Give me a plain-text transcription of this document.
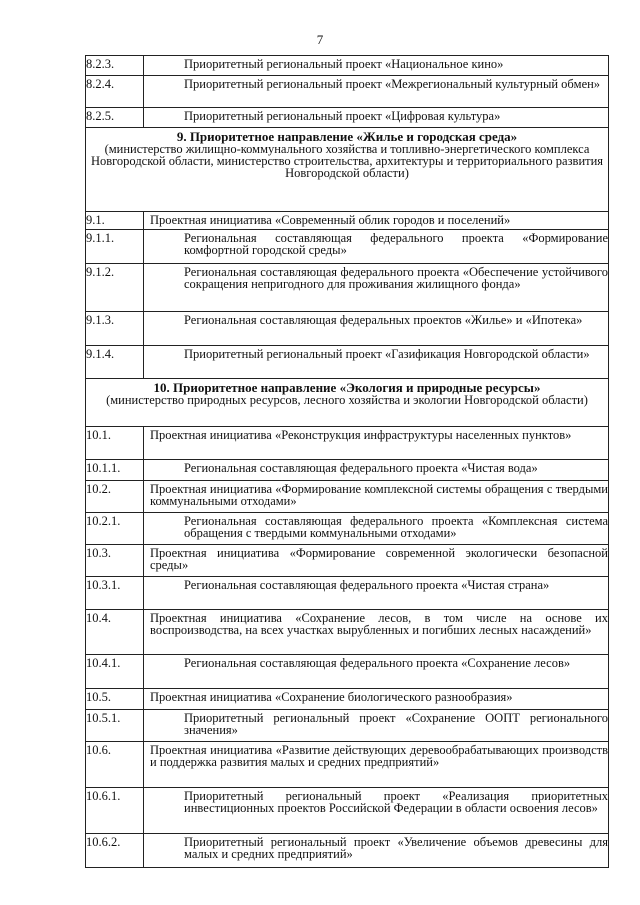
7
8.2.3.	Приоритетный региональный проект «Национальное кино»
8.2.4.	Приоритетный региональный проект «Межрегиональный культурный обмен»
8.2.5.	Приоритетный региональный проект «Цифровая культура»

9. Приоритетное направление «Жилье и городская среда»
(министерство жилищно-коммунального хозяйства и топливно-энергетического комплекса Новгородской области, министерство строительства, архитектуры и территориального развития Новгородской области)	

9.1.	Проектная инициатива «Современный облик городов и поселений»
9.1.1.	Региональная составляющая федерального проекта «Формирование комфортной городской среды»
9.1.2.	Региональная составляющая федерального проекта «Обеспечение устойчивого сокращения непригодного для проживания жилищного фонда»
9.1.3.	Региональная составляющая федеральных проектов «Жилье» и «Ипотека»
9.1.4.	Приоритетный региональный проект «Газификация Новгородской области»

10. Приоритетное направление «Экология и природные ресурсы»
(министерство природных ресурсов, лесного хозяйства и экологии Новгородской области)	

10.1.	Проектная инициатива «Реконструкция инфраструктуры населенных пунктов»
10.1.1.	Региональная составляющая федерального проекта «Чистая вода»
10.2.	Проектная инициатива «Формирование комплексной системы обращения с твердыми коммунальными отходами»
10.2.1.	Региональная составляющая федерального проекта «Комплексная система обращения с твердыми коммунальными отходами»
10.3.	Проектная инициатива «Формирование современной экологически безопасной среды»
10.3.1.	Региональная составляющая федерального проекта «Чистая страна»
10.4.	Проектная инициатива «Сохранение лесов, в том числе на основе их воспроизводства, на всех участках вырубленных и погибших лесных насаждений»
10.4.1.	Региональная составляющая федерального проекта «Сохранение лесов»
10.5.	Проектная инициатива «Сохранение биологического разнообразия»
10.5.1.	Приоритетный региональный проект «Сохранение ООПТ регионального значения»
10.6.	Проектная инициатива «Развитие действующих деревообрабатывающих производств и поддержка развития малых и средних предприятий»
10.6.1.	Приоритетный региональный проект «Реализация приоритетных инвестиционных проектов Российской Федерации в области освоения лесов»
10.6.2.	Приоритетный региональный проект «Увеличение объемов древесины для малых и средних предприятий»
